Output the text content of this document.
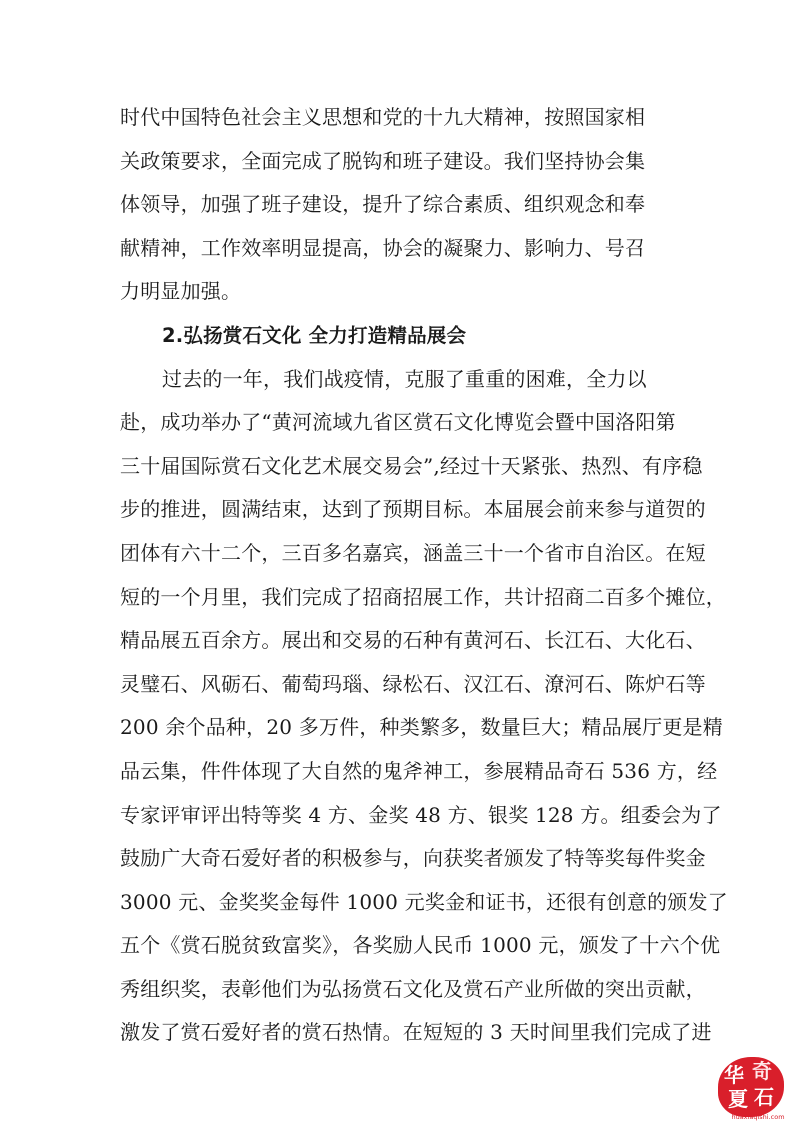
时代中国特色社会主义思想和党的十九大精神，按照国家相
关政策要求，全面完成了脱钩和班子建设。我们坚持协会集
体领导，加强了班子建设，提升了综合素质、组织观念和奉
献精神，工作效率明显提高，协会的凝聚力、影响力、号召
力明显加强。
2.弘扬赏石文化 全力打造精品展会
过去的一年，我们战疫情，克服了重重的困难，全力以
赴，成功举办了“黄河流域九省区赏石文化博览会暨中国洛阳第
三十届国际赏石文化艺术展交易会”,经过十天紧张、热烈、有序稳
步的推进，圆满结束，达到了预期目标。本届展会前来参与道贺的
团体有六十二个，三百多名嘉宾，涵盖三十一个省市自治区。在短
短的一个月里，我们完成了招商招展工作，共计招商二百多个摊位，
精品展五百余方。展出和交易的石种有黄河石、长江石、大化石、
灵璧石、风砺石、葡萄玛瑙、绿松石、汉江石、潦河石、陈炉石等
200 余个品种，20 多万件，种类繁多，数量巨大；精品展厅更是精
品云集，件件体现了大自然的鬼斧神工，参展精品奇石 536 方，经
专家评审评出特等奖 4 方、金奖 48 方、银奖 128 方。组委会为了
鼓励广大奇石爱好者的积极参与，向获奖者颁发了特等奖每件奖金
3000 元、金奖奖金每件 1000 元奖金和证书，还很有创意的颁发了
五个《赏石脱贫致富奖》，各奖励人民币 1000 元，颁发了十六个优
秀组织奖，表彰他们为弘扬赏石文化及赏石产业所做的突出贡献，
激发了赏石爱好者的赏石热情。在短短的 3 天时间里我们完成了进
华 奇
夏 石
huaxiaqishi.com
